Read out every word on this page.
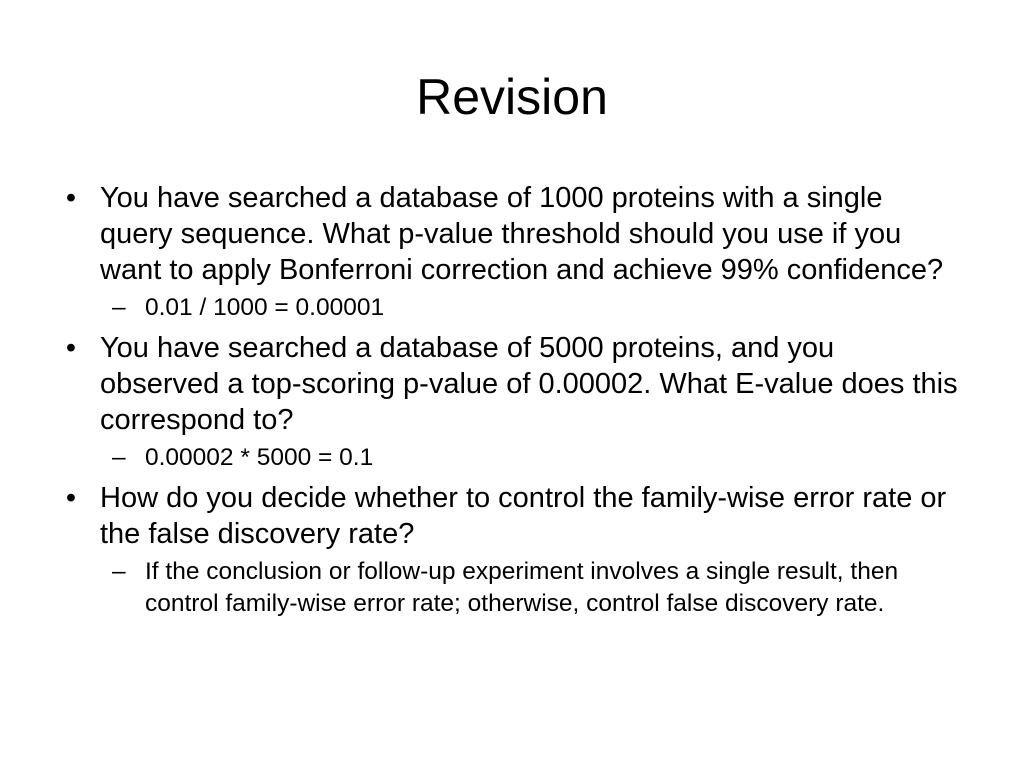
Revision
• You have searched a database of 1000 proteins with a single query sequence. What p-value threshold should you use if you want to apply Bonferroni correction and achieve 99% confidence?
– 0.01 / 1000 = 0.00001
• You have searched a database of 5000 proteins, and you observed a top-scoring p-value of 0.00002. What E-value does this correspond to?
– 0.00002 * 5000 = 0.1
• How do you decide whether to control the family-wise error rate or the false discovery rate?
– If the conclusion or follow-up experiment involves a single result, then control family-wise error rate; otherwise, control false discovery rate.
